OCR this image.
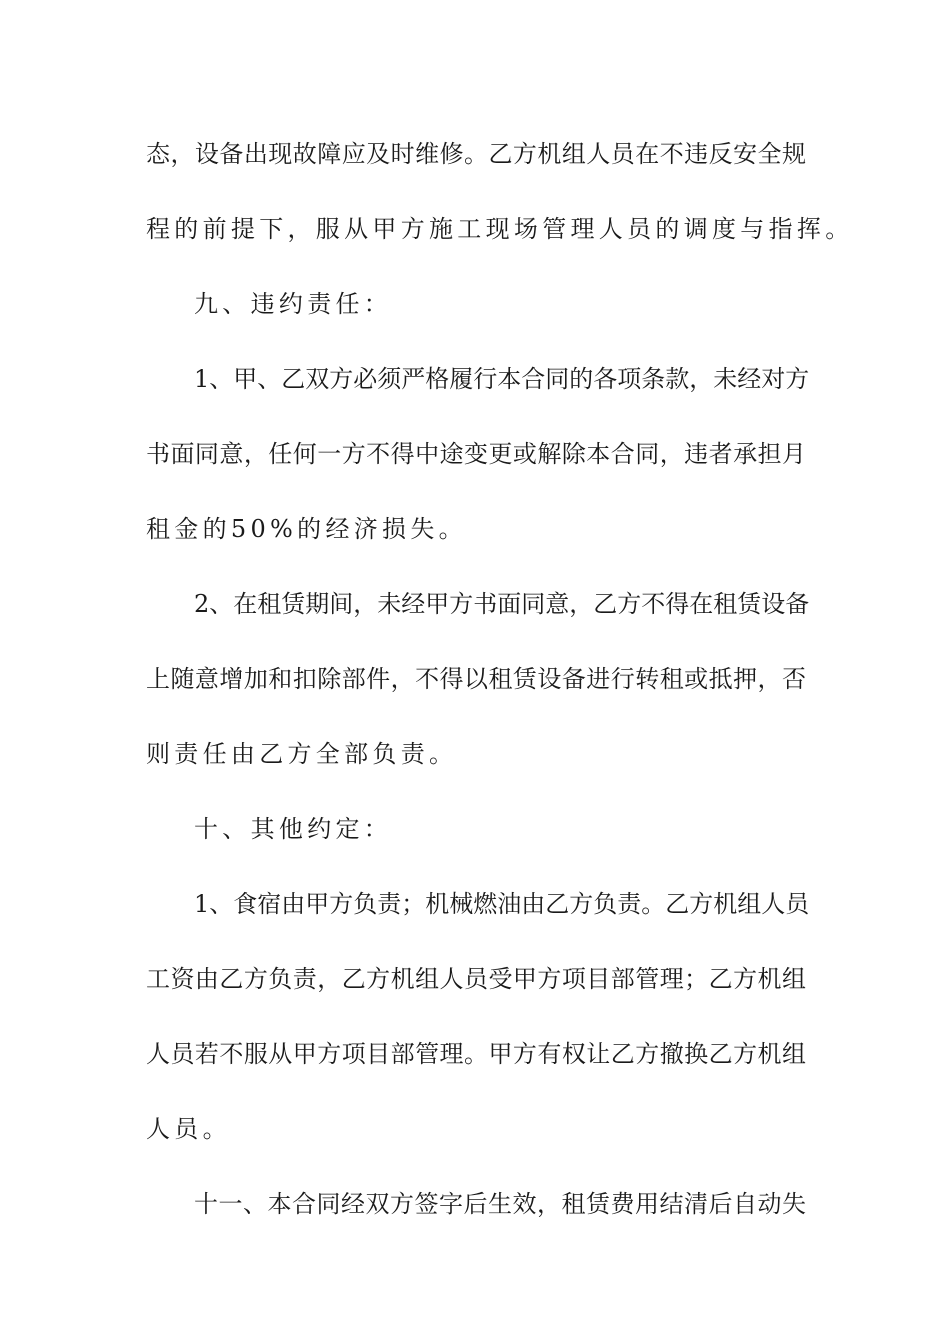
态，设备出现故障应及时维修。乙方机组人员在不违反安全规
程的前提下，服从甲方施工现场管理人员的调度与指挥。
九、违约责任：
1、甲、乙双方必须严格履行本合同的各项条款，未经对方
书面同意，任何一方不得中途变更或解除本合同，违者承担月
租金的50%的经济损失。
2、在租赁期间，未经甲方书面同意，乙方不得在租赁设备
上随意增加和扣除部件，不得以租赁设备进行转租或抵押，否
则责任由乙方全部负责。
十、其他约定：
1、食宿由甲方负责；机械燃油由乙方负责。乙方机组人员
工资由乙方负责，乙方机组人员受甲方项目部管理；乙方机组
人员若不服从甲方项目部管理。甲方有权让乙方撤换乙方机组
人员。
十一、本合同经双方签字后生效，租赁费用结清后自动失
